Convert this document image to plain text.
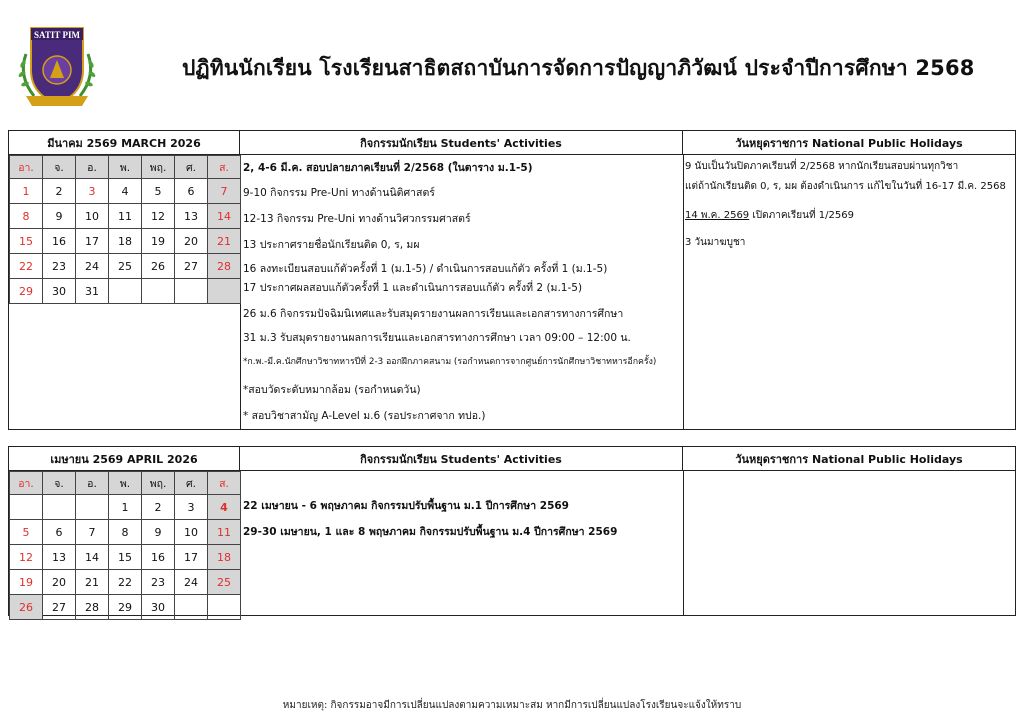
SATIT PIM
ปฏิทินนักเรียน โรงเรียนสาธิตสถาบันการจัดการปัญญาภิวัฒน์ ประจำปีการศึกษา 2568
มีนาคม 2569 MARCH 2026	กิจกรรมนักเรียน Students' Activities	วันหยุดราชการ National Public Holidays
อา.	จ.	อ.	พ.	พฤ.	ศ.	ส.
1	2	3	4	5	6	7
8	9	10	11	12	13	14
15	16	17	18	19	20	21
22	23	24	25	26	27	28
29	30	31				
2, 4-6 มี.ค. สอบปลายภาคเรียนที่ 2/2568 (ในตาราง ม.1-5)
9-10 กิจกรรม Pre-Uni ทางด้านนิติศาสตร์
12-13 กิจกรรม Pre-Uni ทางด้านวิศวกรรมศาสตร์
13 ประกาศรายชื่อนักเรียนติด 0, ร, มผ
16 ลงทะเบียนสอบแก้ตัวครั้งที่ 1 (ม.1-5) / ดำเนินการสอบแก้ตัว ครั้งที่ 1 (ม.1-5)
17 ประกาศผลสอบแก้ตัวครั้งที่ 1 และดำเนินการสอบแก้ตัว ครั้งที่ 2 (ม.1-5)
26 ม.6 กิจกรรมปัจฉิมนิเทศและรับสมุดรายงานผลการเรียนและเอกสารทางการศึกษา
31 ม.3 รับสมุดรายงานผลการเรียนและเอกสารทางการศึกษา เวลา 09:00 – 12:00 น.
*ก.พ.-มี.ค.นักศึกษาวิชาทหารปีที่ 2-3 ออกฝึกภาคสนาม (รอกำหนดการจากศูนย์การนักศึกษาวิชาทหารอีกครั้ง)
*สอบวัดระดับหมากล้อม (รอกำหนดวัน)
* สอบวิชาสามัญ A-Level ม.6 (รอประกาศจาก ทปอ.)
9 นับเป็นวันปิดภาคเรียนที่ 2/2568 หากนักเรียนสอบผ่านทุกวิชา
แต่ถ้านักเรียนติด 0, ร, มผ ต้องดำเนินการ แก้ไขในวันที่ 16-17 มี.ค. 2568
14 พ.ค. 2569 เปิดภาคเรียนที่ 1/2569
3 วันมาฆบูชา
เมษายน 2569 APRIL 2026	กิจกรรมนักเรียน Students' Activities	วันหยุดราชการ National Public Holidays
อา.	จ.	อ.	พ.	พฤ.	ศ.	ส.
			1	2	3	4
5	6	7	8	9	10	11
12	13	14	15	16	17	18
19	20	21	22	23	24	25
26	27	28	29	30		
22 เมษายน - 6 พฤษภาคม กิจกรรมปรับพื้นฐาน ม.1 ปีการศึกษา 2569
29-30 เมษายน, 1 และ 8 พฤษภาคม กิจกรรมปรับพื้นฐาน ม.4 ปีการศึกษา 2569
หมายเหตุ: กิจกรรมอาจมีการเปลี่ยนแปลงตามความเหมาะสม หากมีการเปลี่ยนแปลงโรงเรียนจะแจ้งให้ทราบ
